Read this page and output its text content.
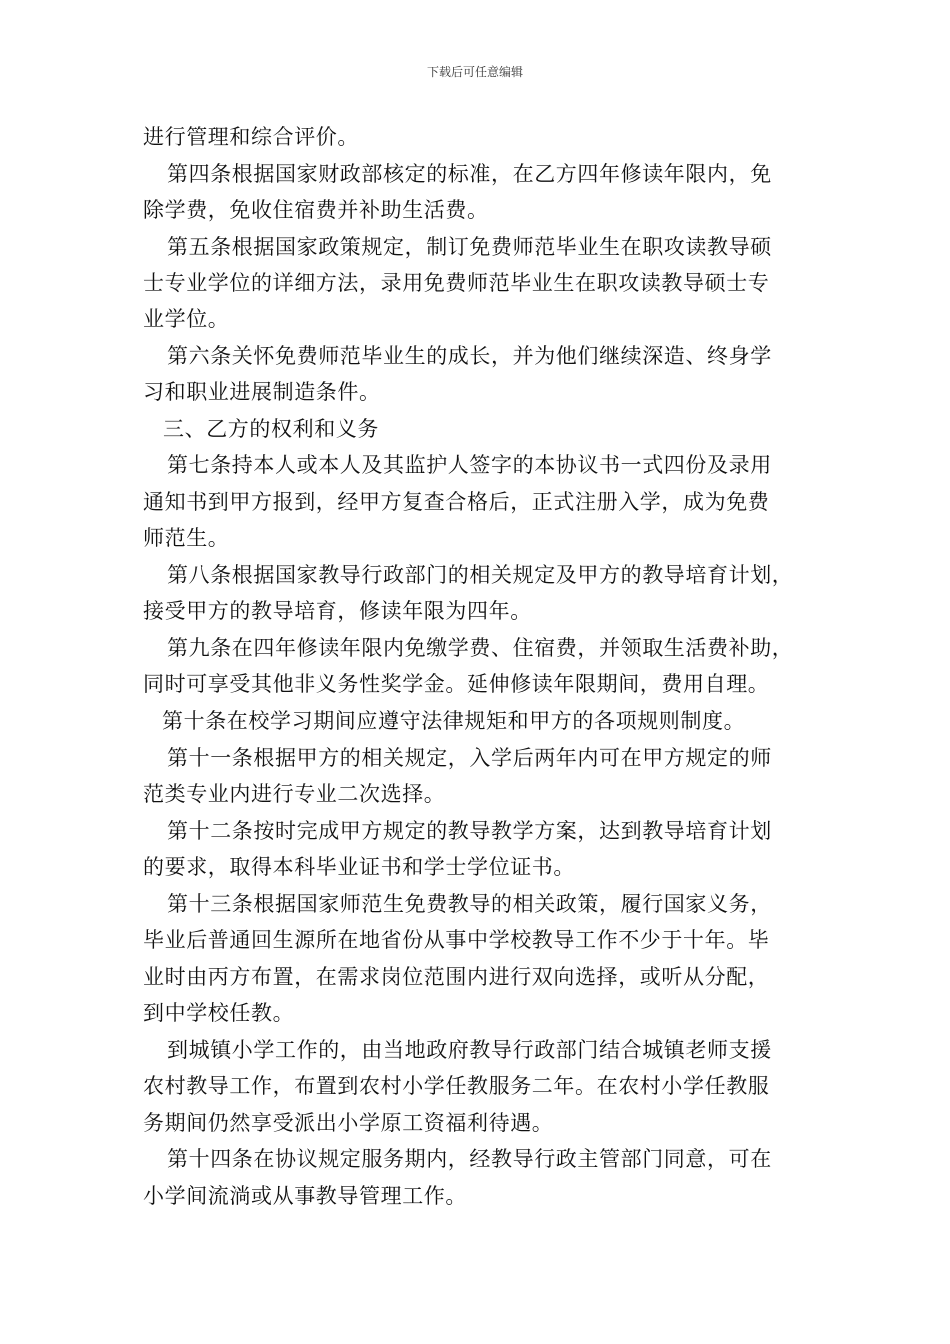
下载后可任意编辑
进行管理和综合评价。
第四条根据国家财政部核定的标准，在乙方四年修读年限内，免
除学费，免收住宿费并补助生活费。
第五条根据国家政策规定，制订免费师范毕业生在职攻读教导硕
士专业学位的详细方法，录用免费师范毕业生在职攻读教导硕士专
业学位。
第六条关怀免费师范毕业生的成长，并为他们继续深造、终身学
习和职业进展制造条件。
三、乙方的权利和义务
第七条持本人或本人及其监护人签字的本协议书一式四份及录用
通知书到甲方报到，经甲方复查合格后，正式注册入学，成为免费
师范生。
第八条根据国家教导行政部门的相关规定及甲方的教导培育计划，
接受甲方的教导培育，修读年限为四年。
第九条在四年修读年限内免缴学费、住宿费，并领取生活费补助，
同时可享受其他非义务性奖学金。延伸修读年限期间，费用自理。
第十条在校学习期间应遵守法律规矩和甲方的各项规则制度。
第十一条根据甲方的相关规定，入学后两年内可在甲方规定的师
范类专业内进行专业二次选择。
第十二条按时完成甲方规定的教导教学方案，达到教导培育计划
的要求，取得本科毕业证书和学士学位证书。
第十三条根据国家师范生免费教导的相关政策，履行国家义务，
毕业后普通回生源所在地省份从事中学校教导工作不少于十年。毕
业时由丙方布置，在需求岗位范围内进行双向选择，或听从分配，
到中学校任教。
到城镇小学工作的，由当地政府教导行政部门结合城镇老师支援
农村教导工作，布置到农村小学任教服务二年。在农村小学任教服
务期间仍然享受派出小学原工资福利待遇。
第十四条在协议规定服务期内，经教导行政主管部门同意，可在
小学间流淌或从事教导管理工作。
